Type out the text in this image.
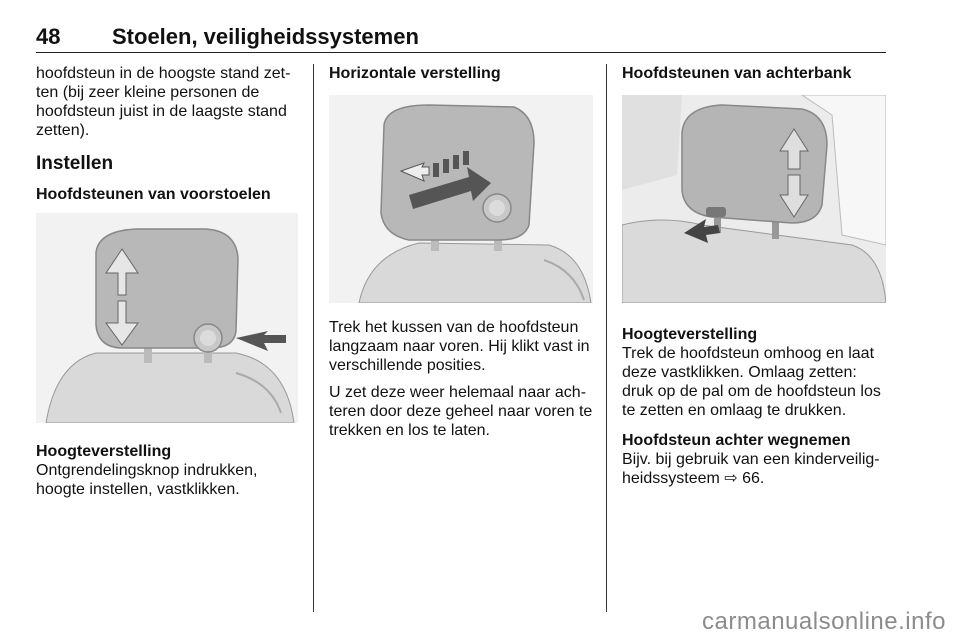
48 Stoelen, veiligheidssystemen

hoofdsteun in de hoogste stand zet-
ten (bij zeer kleine personen de
hoofdsteun juist in de laagste stand
zetten).

Instellen
Hoofdsteunen van voorstoelen
Hoogteverstelling
Ontgrendelingsknop indrukken,
hoogte instellen, vastklikken.
Horizontale verstelling

Trek het kussen van de hoofdsteun
langzaam naar voren. Hij klikt vast in
verschillende posities.

U zet deze weer helemaal naar ach-
teren door deze geheel naar voren te
trekken en los te laten.

Hoofdsteunen van achterbank
Hoogteverstelling
Trek de hoofdsteun omhoog en laat
deze vastklikken. Omlaag zetten:
druk op de pal om de hoofdsteun los
te zetten en omlaag te drukken.
Hoofdsteun achter wegnemen
Bijv. bij gebruik van een kinderveilig-
heidssysteem ⇨ 66.
carmanualsonline.info
